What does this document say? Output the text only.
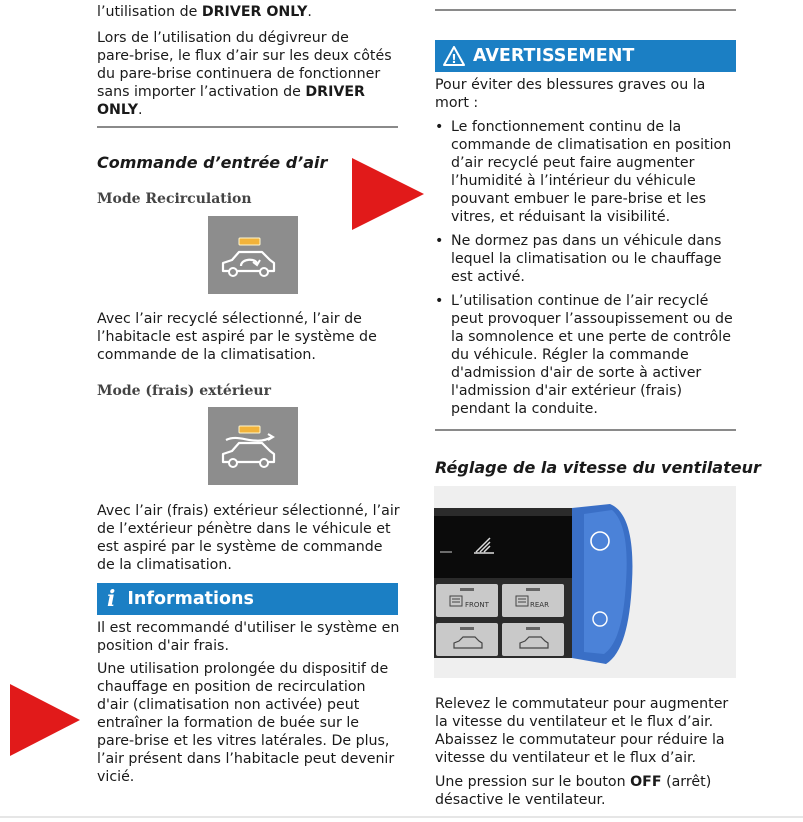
l’utilisation de DRIVER ONLY.

Lors de l’utilisation du dégivreur de
pare-brise, le flux d’air sur les deux côtés
du pare-brise continuera de fonctionner
sans importer l’activation de DRIVER
ONLY.

Commande d’entrée d’air

Mode Recirculation

Avec l’air recyclé sélectionné, l’air de
l’habitacle est aspiré par le système de
commande de la climatisation.

Mode (frais) extérieur

Avec l’air (frais) extérieur sélectionné, l’air
de l’extérieur pénètre dans le véhicule et
est aspiré par le système de commande
de la climatisation.

i Informations

Il est recommandé d'utiliser le système en
position d'air frais.

Une utilisation prolongée du dispositif de
chauffage en position de recirculation
d'air (climatisation non activée) peut
entraîner la formation de buée sur le
pare-brise et les vitres latérales. De plus,
l’air présent dans l’habitacle peut devenir
vicié.

! AVERTISSEMENT

Pour éviter des blessures graves ou la
mort :

• Le fonctionnement continu de la
commande de climatisation en position
d’air recyclé peut faire augmenter
l’humidité à l’intérieur du véhicule
pouvant embuer le pare-brise et les
vitres, et réduisant la visibilité.
• Ne dormez pas dans un véhicule dans
lequel la climatisation ou le chauffage
est activé.
• L’utilisation continue de l’air recyclé
peut provoquer l’assoupissement ou de
la somnolence et une perte de contrôle
du véhicule. Régler la commande
d'admission d'air de sorte à activer
l'admission d'air extérieur (frais)
pendant la conduite.
Réglage de la vitesse du ventilateur
FRONT	REAR

Relevez le commutateur pour augmenter
la vitesse du ventilateur et le flux d’air.
Abaissez le commutateur pour réduire la
vitesse du ventilateur et le flux d’air.

Une pression sur le bouton OFF (arrêt)
désactive le ventilateur.
